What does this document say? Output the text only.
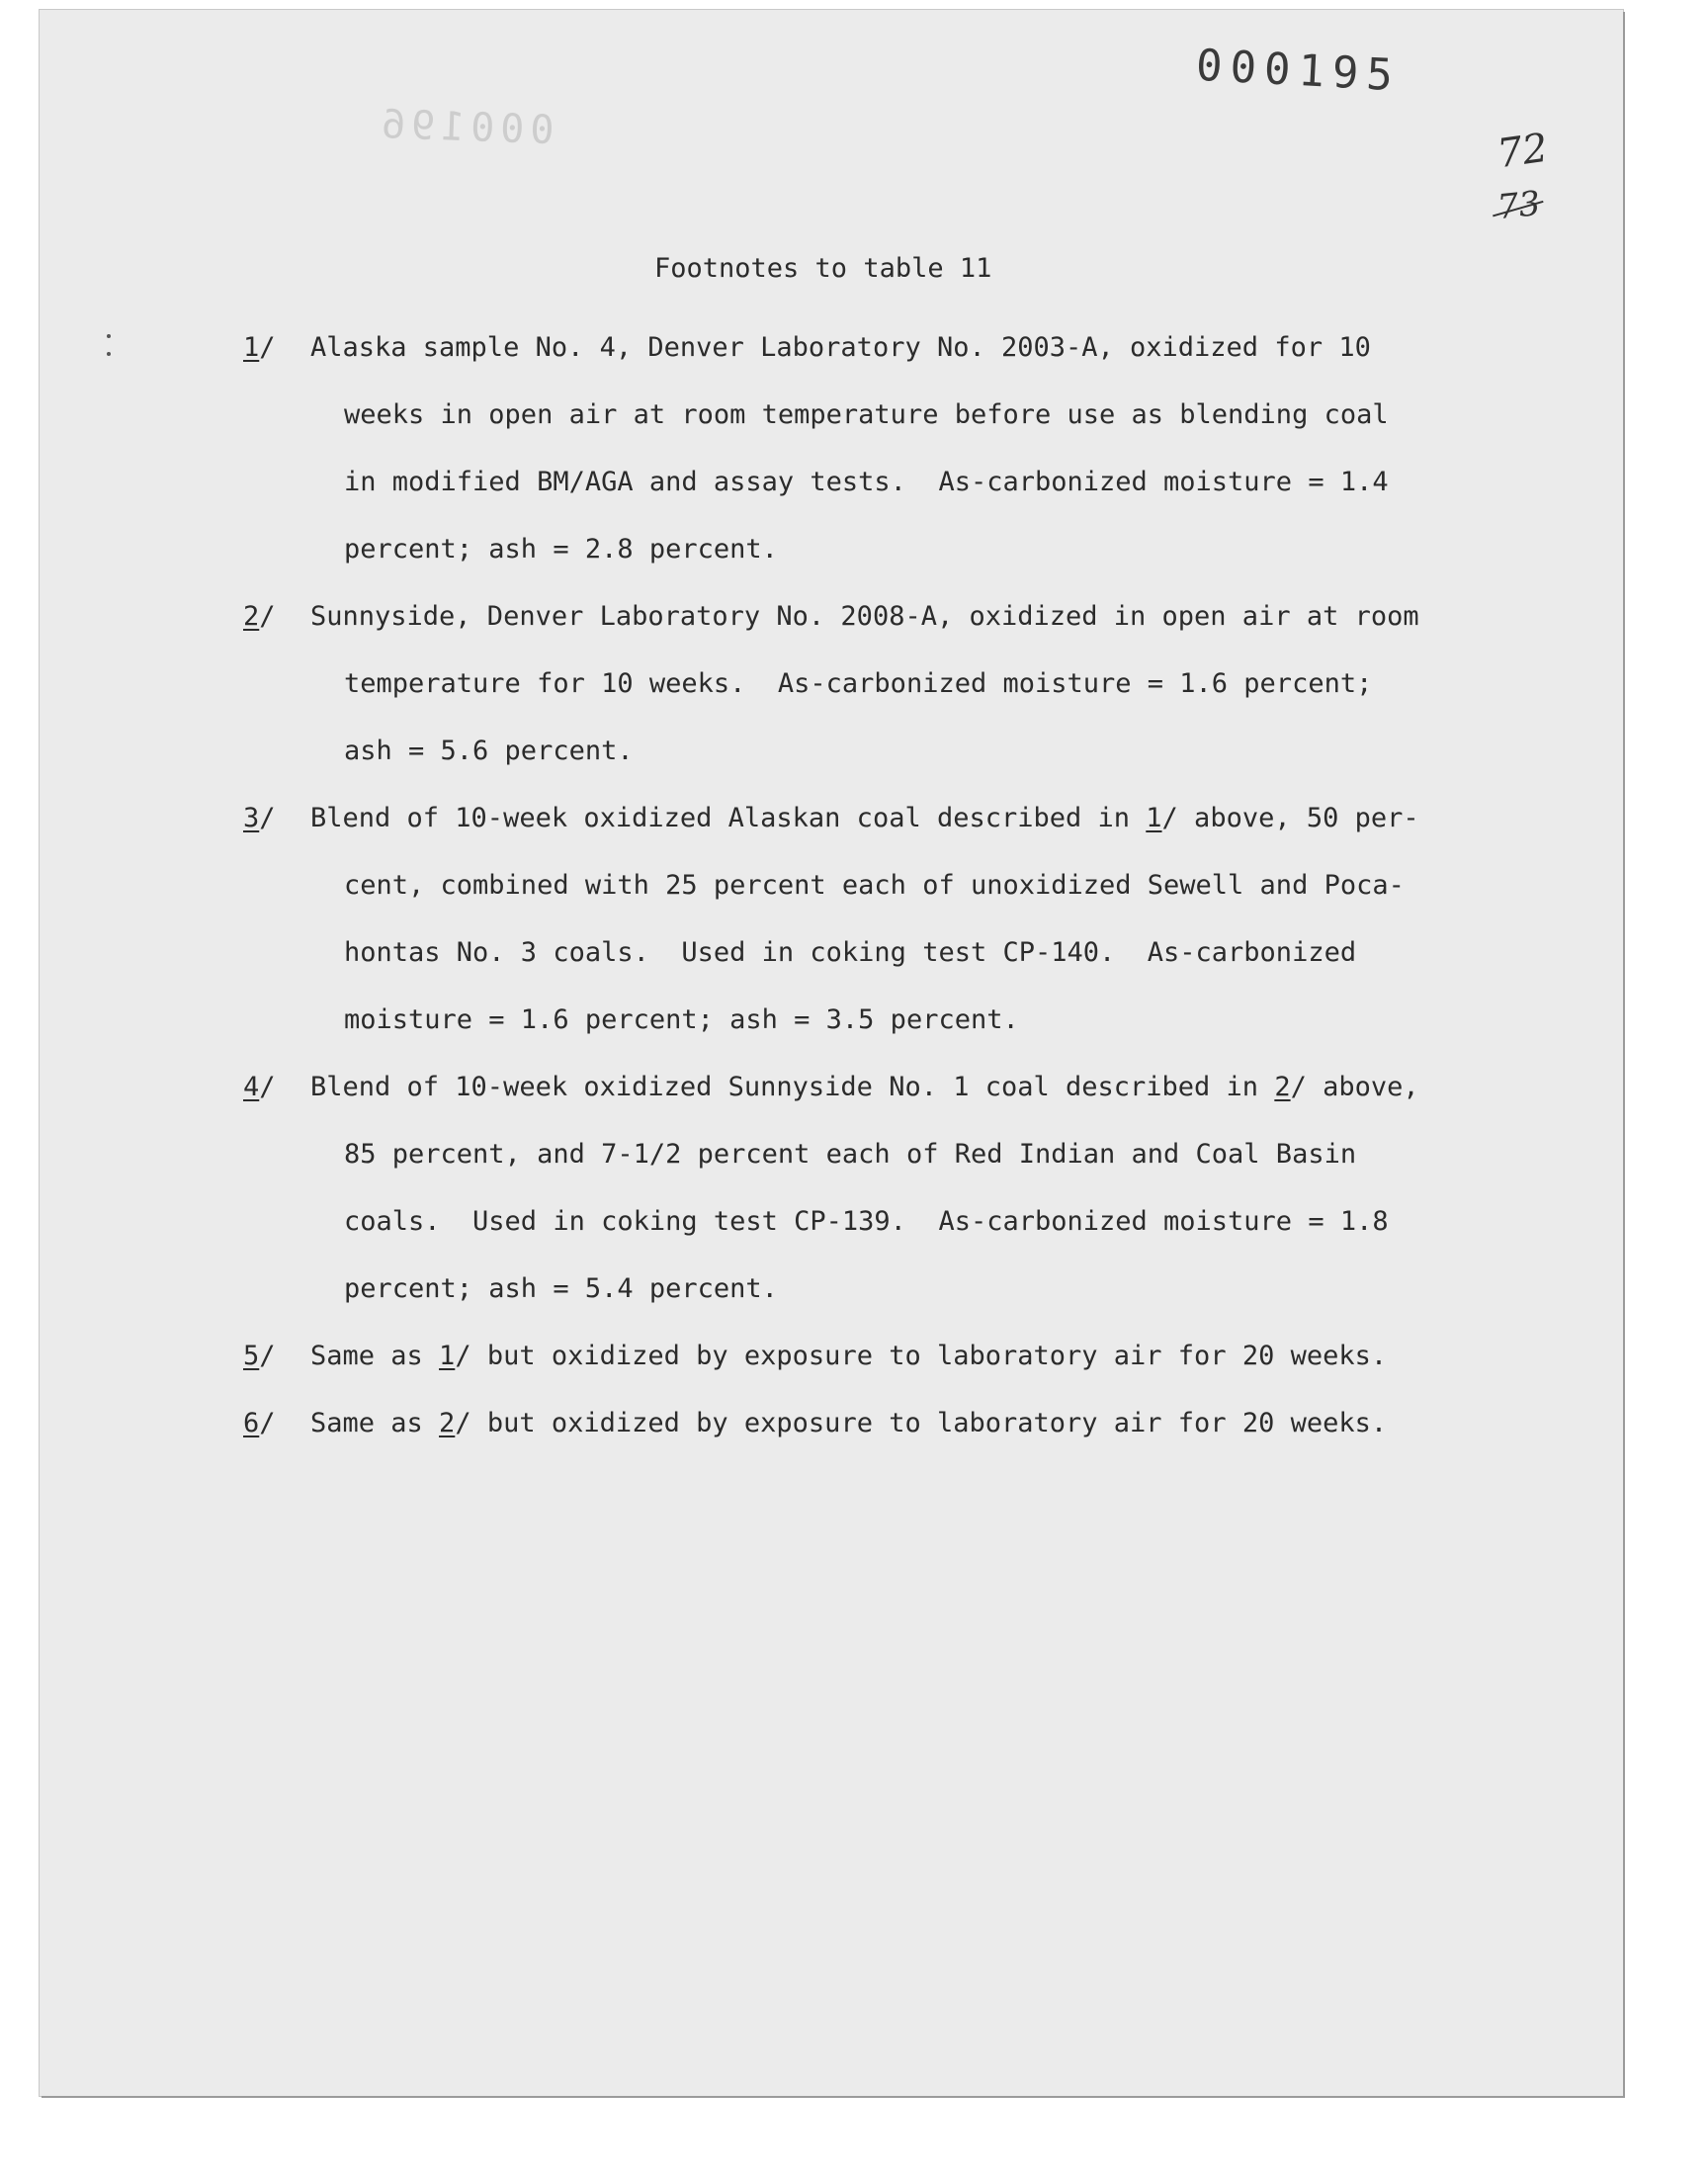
000196
000195
72
73
Footnotes to table 11
1/	Alaska sample No. 4, Denver Laboratory No. 2003-A, oxidized for 10
weeks in open air at room temperature before use as blending coal
in modified BM/AGA and assay tests.  As-carbonized moisture = 1.4
percent; ash = 2.8 percent.
2/	Sunnyside, Denver Laboratory No. 2008-A, oxidized in open air at room
temperature for 10 weeks.  As-carbonized moisture = 1.6 percent;
ash = 5.6 percent.
3/	Blend of 10-week oxidized Alaskan coal described in 1/ above, 50 per-
cent, combined with 25 percent each of unoxidized Sewell and Poca-
hontas No. 3 coals.  Used in coking test CP-140.  As-carbonized
moisture = 1.6 percent; ash = 3.5 percent.
4/	Blend of 10-week oxidized Sunnyside No. 1 coal described in 2/ above,
85 percent, and 7-1/2 percent each of Red Indian and Coal Basin
coals.  Used in coking test CP-139.  As-carbonized moisture = 1.8
percent; ash = 5.4 percent.
5/	Same as 1/ but oxidized by exposure to laboratory air for 20 weeks.
6/	Same as 2/ but oxidized by exposure to laboratory air for 20 weeks.
